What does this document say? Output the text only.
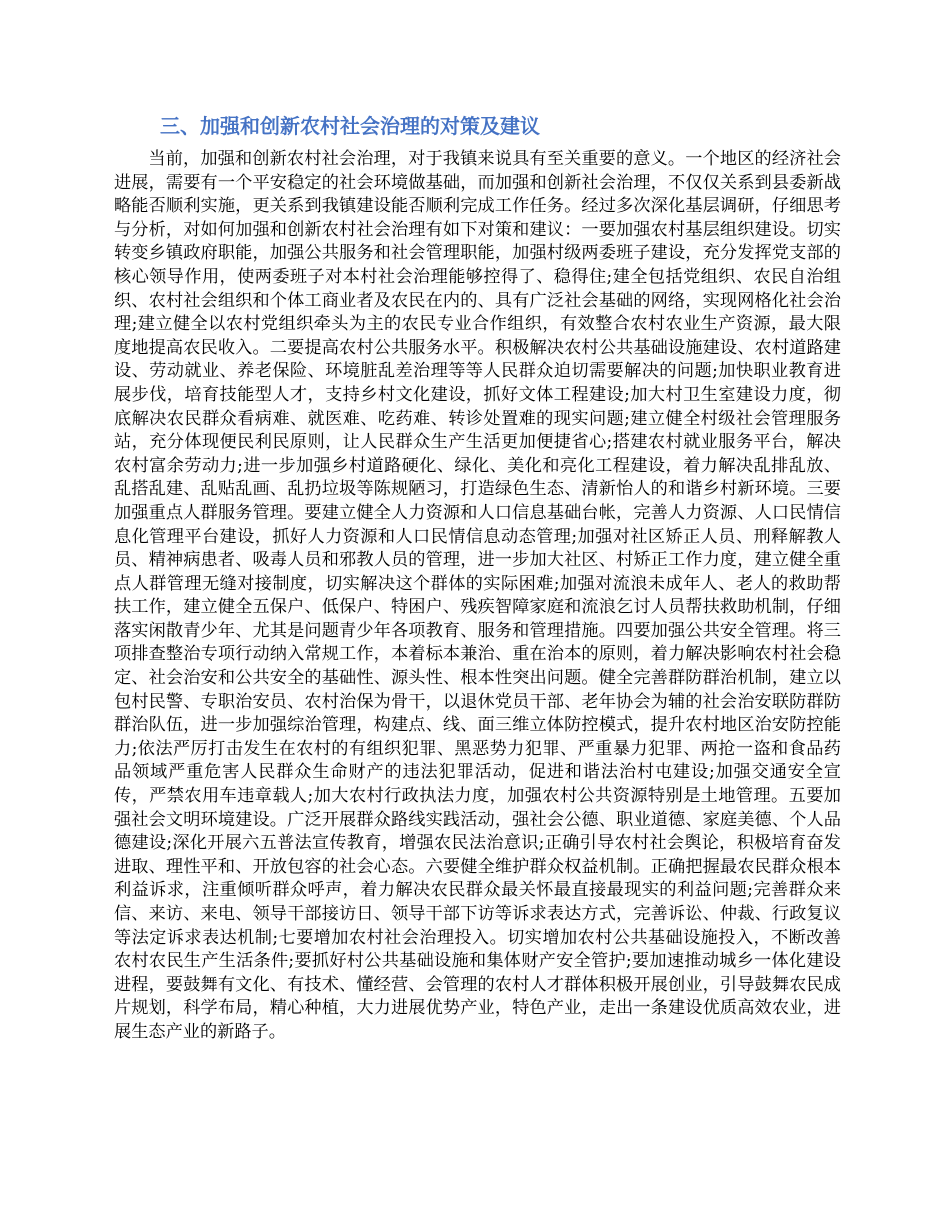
三、加强和创新农村社会治理的对策及建议

当前，加强和创新农村社会治理，对于我镇来说具有至关重要的意义。一个地区的经济社会进展，需要有一个平安稳定的社会环境做基础，而加强和创新社会治理，不仅仅关系到县委新战略能否顺利实施，更关系到我镇建设能否顺利完成工作任务。经过多次深化基层调研，仔细思考与分析，对如何加强和创新农村社会治理有如下对策和建议：一要加强农村基层组织建设。切实转变乡镇政府职能，加强公共服务和社会管理职能，加强村级两委班子建设，充分发挥党支部的核心领导作用，使两委班子对本村社会治理能够控得了、稳得住;建全包括党组织、农民自治组织、农村社会组织和个体工商业者及农民在内的、具有广泛社会基础的网络，实现网格化社会治理;建立健全以农村党组织牵头为主的农民专业合作组织，有效整合农村农业生产资源，最大限度地提高农民收入。二要提高农村公共服务水平。积极解决农村公共基础设施建设、农村道路建设、劳动就业、养老保险、环境脏乱差治理等等人民群众迫切需要解决的问题;加快职业教育进展步伐，培育技能型人才，支持乡村文化建设，抓好文体工程建设;加大村卫生室建设力度，彻底解决农民群众看病难、就医难、吃药难、转诊处置难的现实问题;建立健全村级社会管理服务站，充分体现便民利民原则，让人民群众生产生活更加便捷省心;搭建农村就业服务平台，解决农村富余劳动力;进一步加强乡村道路硬化、绿化、美化和亮化工程建设，着力解决乱排乱放、乱搭乱建、乱贴乱画、乱扔垃圾等陈规陋习，打造绿色生态、清新怡人的和谐乡村新环境。三要加强重点人群服务管理。要建立健全人力资源和人口信息基础台帐，完善人力资源、人口民情信息化管理平台建设，抓好人力资源和人口民情信息动态管理;加强对社区矫正人员、刑释解教人员、精神病患者、吸毒人员和邪教人员的管理，进一步加大社区、村矫正工作力度，建立健全重点人群管理无缝对接制度，切实解决这个群体的实际困难;加强对流浪未成年人、老人的救助帮扶工作，建立健全五保户、低保户、特困户、残疾智障家庭和流浪乞讨人员帮扶救助机制，仔细落实闲散青少年、尤其是问题青少年各项教育、服务和管理措施。四要加强公共安全管理。将三项排查整治专项行动纳入常规工作，本着标本兼治、重在治本的原则，着力解决影响农村社会稳定、社会治安和公共安全的基础性、源头性、根本性突出问题。健全完善群防群治机制，建立以包村民警、专职治安员、农村治保为骨干，以退休党员干部、老年协会为辅的社会治安联防群防群治队伍，进一步加强综治管理，构建点、线、面三维立体防控模式，提升农村地区治安防控能力;依法严厉打击发生在农村的有组织犯罪、黑恶势力犯罪、严重暴力犯罪、两抢一盗和食品药品领域严重危害人民群众生命财产的违法犯罪活动，促进和谐法治村屯建设;加强交通安全宣传，严禁农用车违章载人;加大农村行政执法力度，加强农村公共资源特别是土地管理。五要加强社会文明环境建设。广泛开展群众路线实践活动，强社会公德、职业道德、家庭美德、个人品德建设;深化开展六五普法宣传教育，增强农民法治意识;正确引导农村社会舆论，积极培育奋发进取、理性平和、开放包容的社会心态。六要健全维护群众权益机制。正确把握最农民群众根本利益诉求，注重倾听群众呼声，着力解决农民群众最关怀最直接最现实的利益问题;完善群众来信、来访、来电、领导干部接访日、领导干部下访等诉求表达方式，完善诉讼、仲裁、行政复议等法定诉求表达机制;七要增加农村社会治理投入。切实增加农村公共基础设施投入，不断改善农村农民生产生活条件;要抓好村公共基础设施和集体财产安全管护;要加速推动城乡一体化建设进程，要鼓舞有文化、有技术、懂经营、会管理的农村人才群体积极开展创业，引导鼓舞农民成片规划，科学布局，精心种植，大力进展优势产业，特色产业，走出一条建设优质高效农业，进展生态产业的新路子。
